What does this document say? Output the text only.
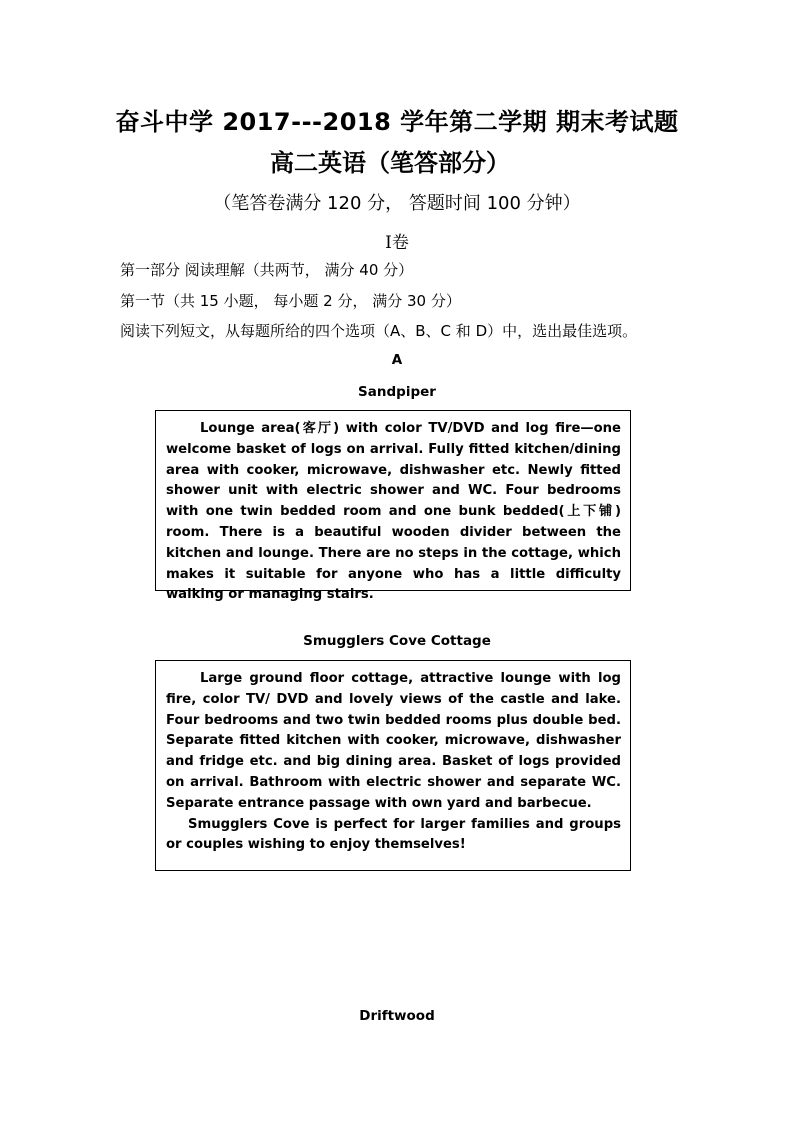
奋斗中学 2017---2018 学年第二学期 期末考试题
高二英语（笔答部分）
（笔答卷满分 120 分， 答题时间 100 分钟）
Ⅰ卷
第一部分 阅读理解（共两节， 满分 40 分）
第一节（共 15 小题， 每小题 2 分， 满分 30 分）
阅读下列短文，从每题所给的四个选项（A、B、C 和 D）中，选出最佳选项。
A
Sandpiper

Lounge area(客厅) with color TV/DVD and log fire—one welcome basket of logs on arrival. Fully fitted kitchen/dining area with cooker, microwave, dishwasher etc. Newly fitted shower unit with electric shower and WC. Four bedrooms with one twin bedded room and one bunk bedded(上下铺) room. There is a beautiful wooden divider between the kitchen and lounge. There are no steps in the cottage, which makes it suitable for anyone who has a little difficulty walking or managing stairs.

Smugglers Cove Cottage

Large ground floor cottage, attractive lounge with log fire, color TV/ DVD and lovely views of the castle and lake. Four bedrooms and two twin bedded rooms plus double bed. Separate fitted kitchen with cooker, microwave, dishwasher and fridge etc. and big dining area. Basket of logs provided on arrival. Bathroom with electric shower and separate WC. Separate entrance passage with own yard and barbecue.

Smugglers Cove is perfect for larger families and groups or couples wishing to enjoy themselves!

Driftwood
